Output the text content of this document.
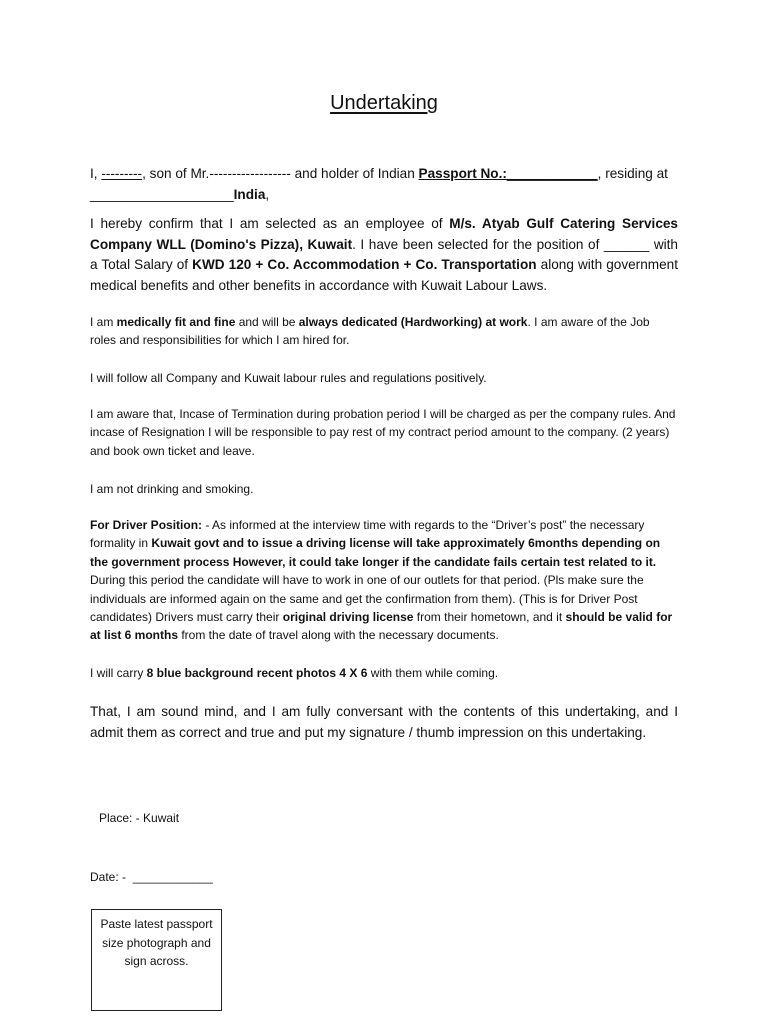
Undertaking

I, ---------, son of Mr.------------------ and holder of Indian Passport No.:____________, residing at
___________________India,

I hereby confirm that I am selected as an employee of M/s. Atyab Gulf Catering Services Company WLL (Domino's Pizza), Kuwait. I have been selected for the position of ______ with a Total Salary of KWD 120 + Co. Accommodation + Co. Transportation along with government medical benefits and other benefits in accordance with Kuwait Labour Laws.

I am medically fit and fine and will be always dedicated (Hardworking) at work. I am aware of the Job roles and responsibilities for which I am hired for.

I will follow all Company and Kuwait labour rules and regulations positively.

I am aware that, Incase of Termination during probation period I will be charged as per the company rules. And incase of Resignation I will be responsible to pay rest of my contract period amount to the company. (2 years) and book own ticket and leave.

I am not drinking and smoking.

For Driver Position: - As informed at the interview time with regards to the “Driver’s post” the necessary formality in Kuwait govt and to issue a driving license will take approximately 6months depending on the government process However, it could take longer if the candidate fails certain test related to it. During this period the candidate will have to work in one of our outlets for that period. (Pls make sure the individuals are informed again on the same and get the confirmation from them). (This is for Driver Post candidates) Drivers must carry their original driving license from their hometown, and it should be valid for at list 6 months from the date of travel along with the necessary documents.

I will carry 8 blue background recent photos 4 X 6 with them while coming.

That, I am sound mind, and I am fully conversant with the contents of this undertaking, and I admit them as correct and true and put my signature / thumb impression on this undertaking.

Place: - Kuwait
Date: - ____________
Paste latest passport size photograph and sign across.
